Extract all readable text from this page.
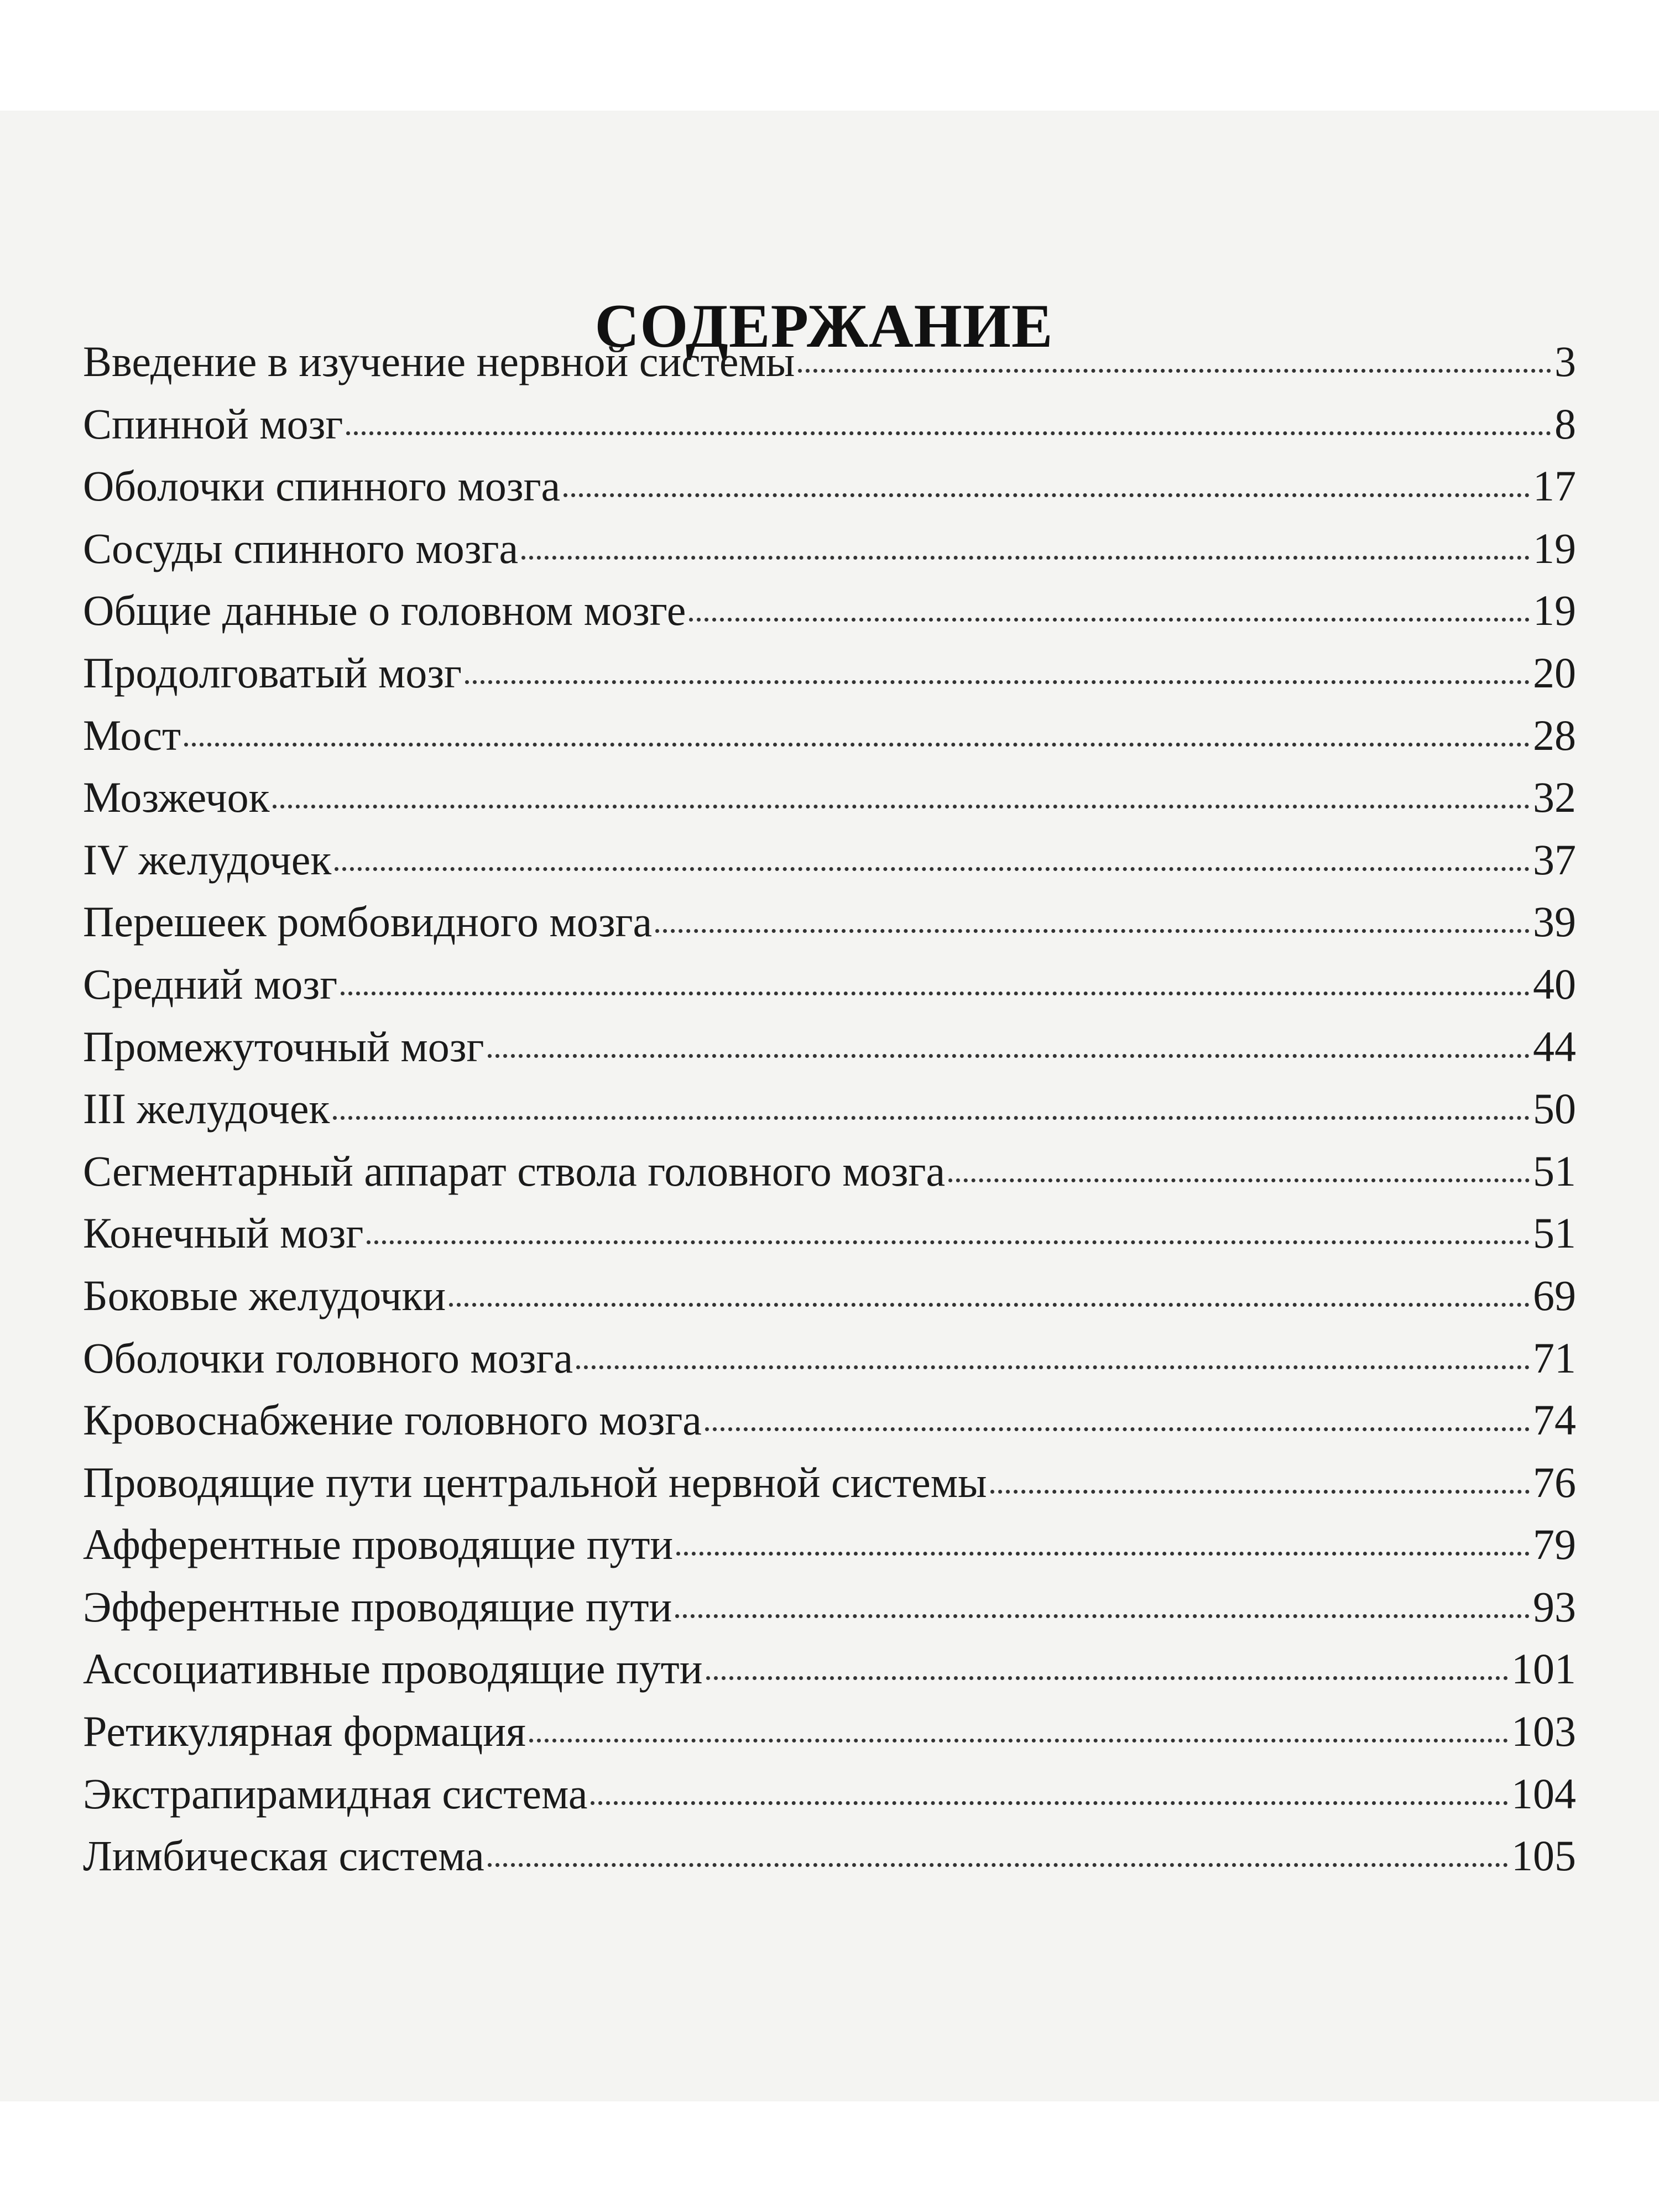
СОДЕРЖАНИЕ
Введение в изучение нервной системы	3
Спинной мозг	8
Оболочки спинного мозга	17
Сосуды спинного мозга	19
Общие данные о головном мозге	19
Продолговатый мозг	20
Мост	28
Мозжечок	32
IV желудочек	37
Перешеек ромбовидного мозга	39
Средний мозг	40
Промежуточный мозг	44
III желудочек	50
Сегментарный аппарат ствола головного мозга	51
Конечный мозг	51
Боковые желудочки	69
Оболочки головного мозга	71
Кровоснабжение головного мозга	74
Проводящие пути центральной нервной системы	76
Афферентные проводящие пути	79
Эфферентные проводящие пути	93
Ассоциативные проводящие пути	101
Ретикулярная формация	103
Экстрапирамидная система	104
Лимбическая система	105
